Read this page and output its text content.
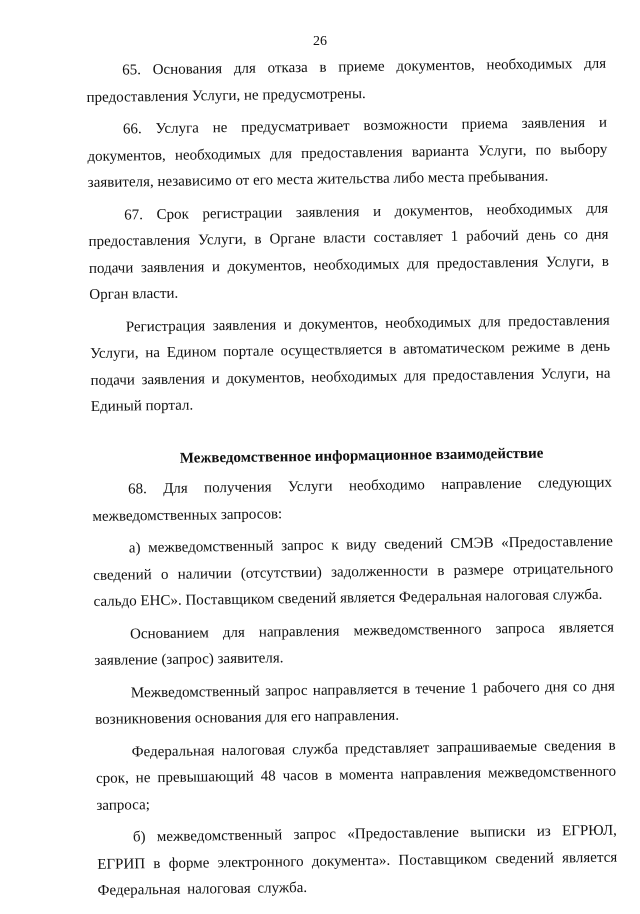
26

65. Основания для отказа в приеме документов, необходимых для предоставления Услуги, не предусмотрены.

66. Услуга не предусматривает возможности приема заявления и документов, необходимых для предоставления варианта Услуги, по выбору заявителя, независимо от его места жительства либо места пребывания.

67. Срок регистрации заявления и документов, необходимых для предоставления Услуги, в Органе власти составляет 1 рабочий день со дня подачи заявления и документов, необходимых для предоставления Услуги, в Орган власти.

Регистрация заявления и документов, необходимых для предоставления Услуги, на Едином портале осуществляется в автоматическом режиме в день подачи заявления и документов, необходимых для предоставления Услуги, на Единый портал.

Межведомственное информационное взаимодействие

68. Для получения Услуги необходимо направление следующих межведомственных запросов:

а) межведомственный запрос к виду сведений СМЭВ «Предоставление сведений о наличии (отсутствии) задолженности в размере отрицательного сальдо ЕНС». Поставщиком сведений является Федеральная налоговая служба.

Основанием для направления межведомственного запроса является заявление (запрос) заявителя.

Межведомственный запрос направляется в течение 1 рабочего дня со дня возникновения основания для его направления.

Федеральная налоговая служба представляет запрашиваемые сведения в срок, не превышающий 48 часов в момента направления межведомственного запроса;

б) межведомственный запрос «Предоставление выписки из ЕГРЮЛ, ЕГРИП в форме электронного документа». Поставщиком сведений является Федеральная налоговая служба.
